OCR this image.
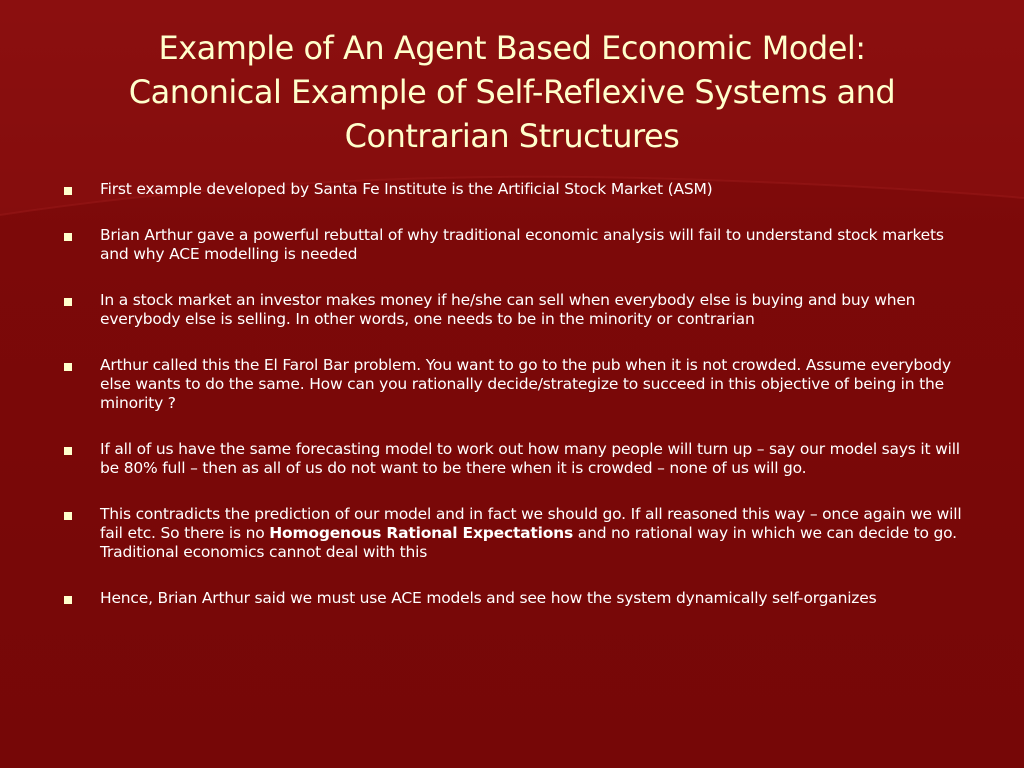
Example of An Agent Based Economic Model:
Canonical Example of Self-Reflexive Systems and
Contrarian Structures
First example developed by Santa Fe Institute is the Artificial Stock Market (ASM)
Brian Arthur gave a powerful rebuttal of why traditional economic analysis will fail to understand stock markets and why ACE modelling is needed
In a stock market an investor makes money if he/she can sell when everybody else is buying and buy when everybody else is selling. In other words, one needs to be in the minority or contrarian
Arthur called this the El Farol Bar problem. You want to go to the pub when it is not crowded. Assume everybody else wants to do the same. How can you rationally decide/strategize to succeed in this objective of being in the minority ?
If all of us have the same forecasting model to work out how many people will turn up – say our model says it will be 80% full – then as all of us do not want to be there when it is crowded – none of us will go.
This contradicts the prediction of our model and in fact we should go. If all reasoned this way – once again we will fail etc. So there is no Homogenous Rational Expectations and no rational way in which we can decide to go. Traditional economics cannot deal with this
Hence, Brian Arthur said we must use ACE models and see how the system dynamically self-organizes
